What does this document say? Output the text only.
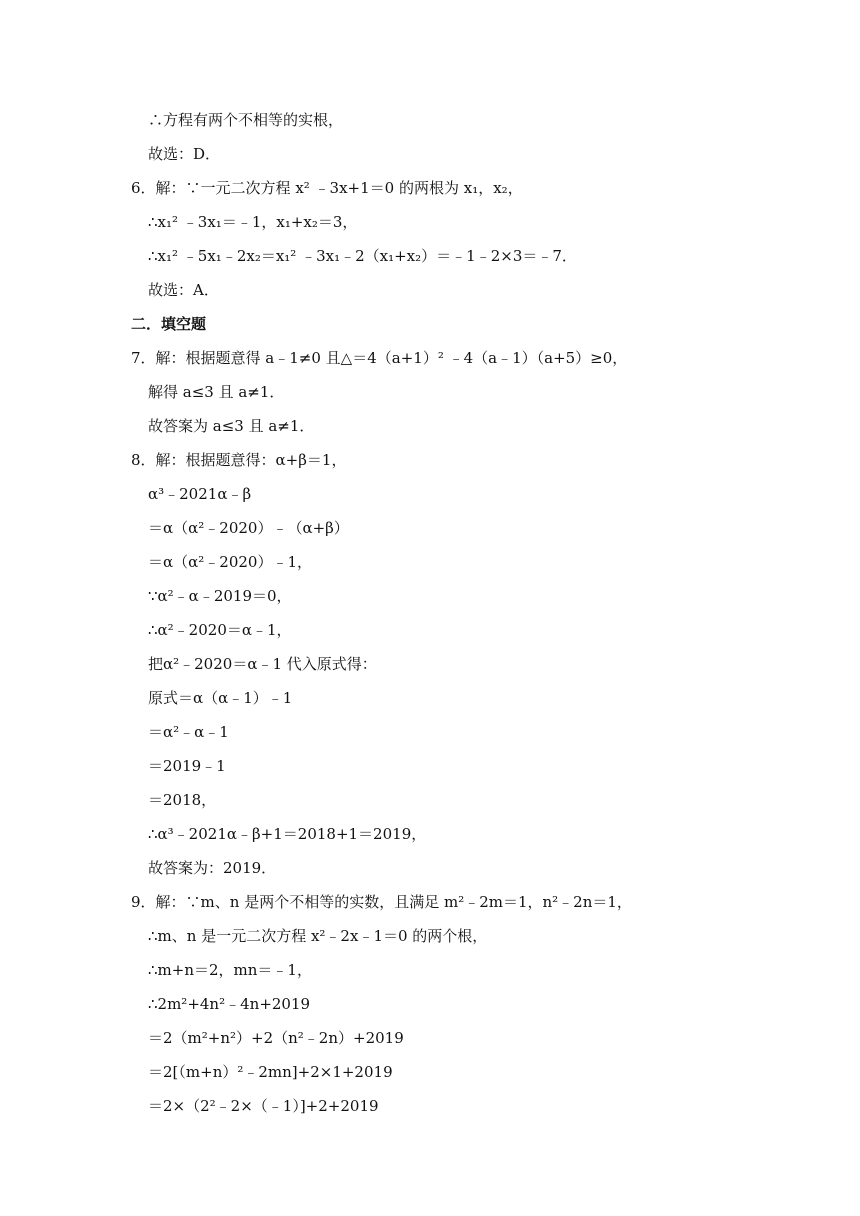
∴方程有两个不相等的实根，
故选：D．
6．解：∵一元二次方程 x² ﹣3x+1＝0 的两根为 x₁，x₂，
∴x₁² ﹣3x₁＝﹣1，x₁+x₂＝3，
∴x₁² ﹣5x₁﹣2x₂＝x₁² ﹣3x₁﹣2（x₁+x₂）＝﹣1﹣2×3＝﹣7．
故选：A．
二．填空题
7．解：根据题意得 a﹣1≠0 且△＝4（a+1）² ﹣4（a﹣1）（a+5）≥0，
解得 a≤3 且 a≠1．
故答案为 a≤3 且 a≠1．
8．解：根据题意得：α+β＝1，
α³﹣2021α﹣β
＝α（α²﹣2020）﹣（α+β）
＝α（α²﹣2020）﹣1，
∵α²﹣α﹣2019＝0，
∴α²﹣2020＝α﹣1，
把α²﹣2020＝α﹣1 代入原式得：
原式＝α（α﹣1）﹣1
＝α²﹣α﹣1
＝2019﹣1
＝2018，
∴α³﹣2021α﹣β+1＝2018+1＝2019，
故答案为：2019．
9．解：∵m、n 是两个不相等的实数，且满足 m²﹣2m＝1，n²﹣2n＝1，
∴m、n 是一元二次方程 x²﹣2x﹣1＝0 的两个根，
∴m+n＝2，mn＝﹣1，
∴2m²+4n²﹣4n+2019
＝2（m²+n²）+2（n²﹣2n）+2019
＝2[（m+n）²﹣2mn]+2×1+2019
＝2×（2²﹣2×（﹣1）]+2+2019
